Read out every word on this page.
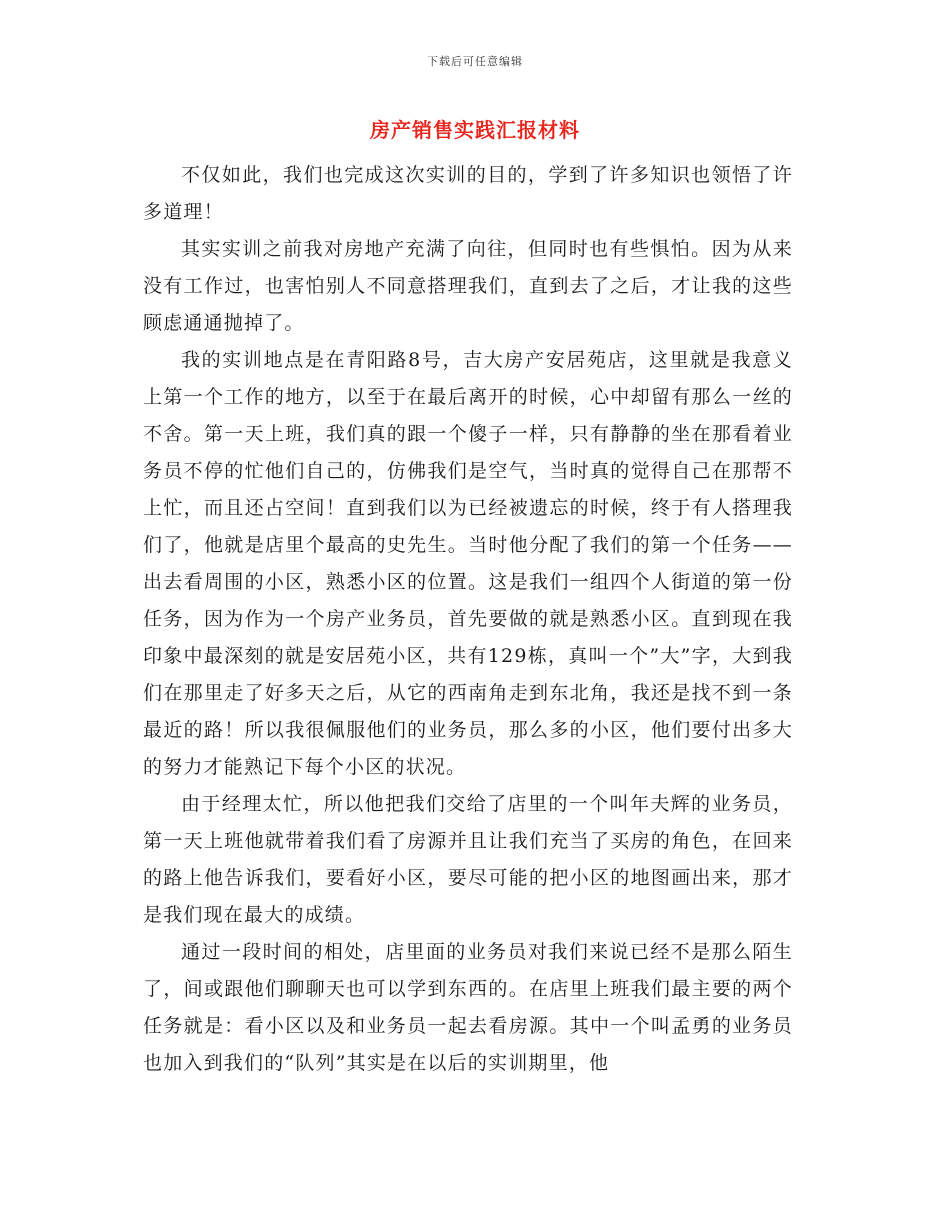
下载后可任意编辑
房产销售实践汇报材料

不仅如此，我们也完成这次实训的目的，学到了许多知识也领悟了许多道理！

其实实训之前我对房地产充满了向往，但同时也有些惧怕。因为从来没有工作过，也害怕别人不同意搭理我们，直到去了之后，才让我的这些顾虑通通抛掉了。

我的实训地点是在青阳路8号，吉大房产安居苑店，这里就是我意义上第一个工作的地方，以至于在最后离开的时候，心中却留有那么一丝的不舍。第一天上班，我们真的跟一个傻子一样，只有静静的坐在那看着业务员不停的忙他们自己的，仿佛我们是空气，当时真的觉得自己在那帮不上忙，而且还占空间！直到我们以为已经被遗忘的时候，终于有人搭理我们了，他就是店里个最高的史先生。当时他分配了我们的第一个任务——出去看周围的小区，熟悉小区的位置。这是我们一组四个人街道的第一份任务，因为作为一个房产业务员，首先要做的就是熟悉小区。直到现在我印象中最深刻的就是安居苑小区，共有129栋，真叫一个”大”字，大到我们在那里走了好多天之后，从它的西南角走到东北角，我还是找不到一条最近的路！所以我很佩服他们的业务员，那么多的小区，他们要付出多大的努力才能熟记下每个小区的状况。

由于经理太忙，所以他把我们交给了店里的一个叫年夫辉的业务员，第一天上班他就带着我们看了房源并且让我们充当了买房的角色，在回来的路上他告诉我们，要看好小区，要尽可能的把小区的地图画出来，那才是我们现在最大的成绩。

通过一段时间的相处，店里面的业务员对我们来说已经不是那么陌生了，间或跟他们聊聊天也可以学到东西的。在店里上班我们最主要的两个任务就是：看小区以及和业务员一起去看房源。其中一个叫孟勇的业务员也加入到我们的“队列”其实是在以后的实训期里，他
